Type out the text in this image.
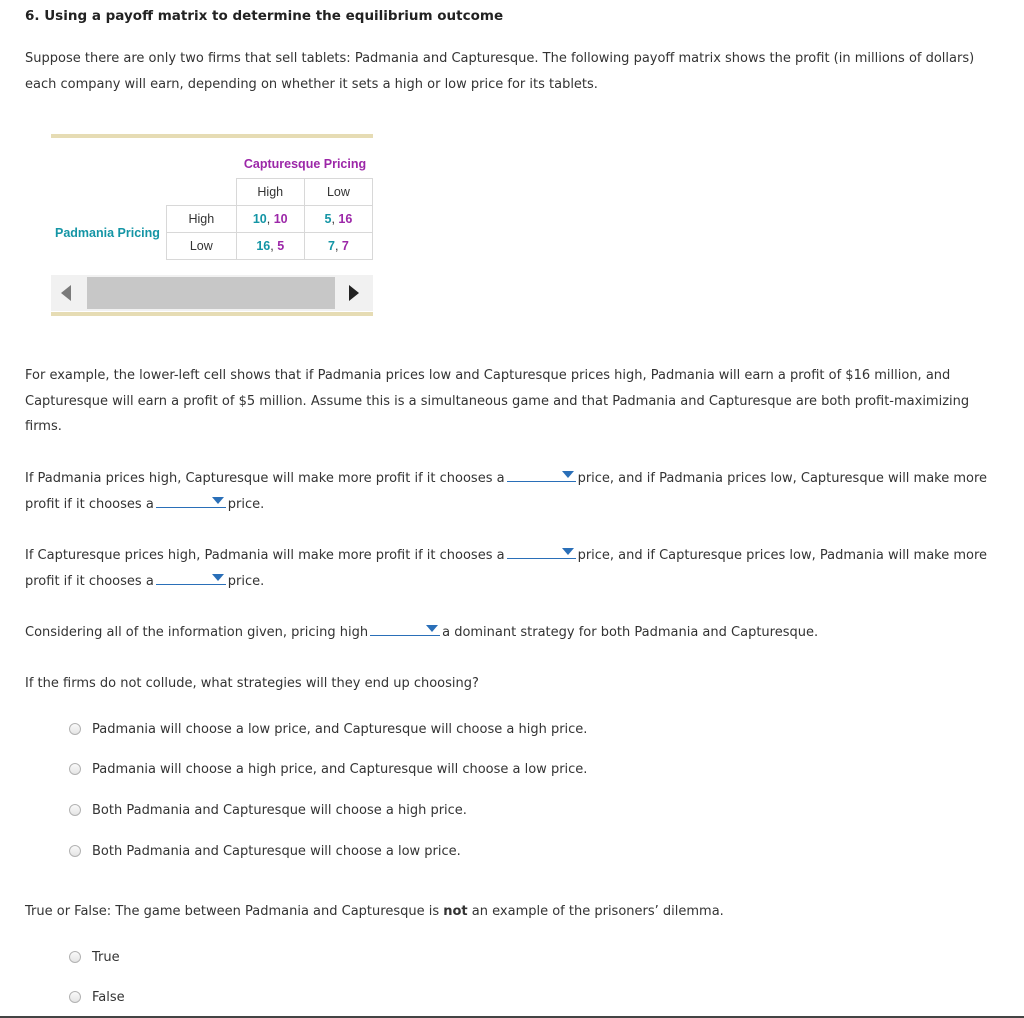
6. Using a payoff matrix to determine the equilibrium outcome
Suppose there are only two firms that sell tablets: Padmania and Capturesque. The following payoff matrix shows the profit (in millions of dollars)
each company will earn, depending on whether it sets a high or low price for its tablets.
Capturesque Pricing
Padmania Pricing
	High	Low
High	10, 10	5, 16
Low	16, 5	7, 7
For example, the lower-left cell shows that if Padmania prices low and Capturesque prices high, Padmania will earn a profit of $16 million, and
Capturesque will earn a profit of $5 million. Assume this is a simultaneous game and that Padmania and Capturesque are both profit-maximizing
firms.
If Padmania prices high, Capturesque will make more profit if it chooses a	price, and if Padmania prices low, Capturesque will make more
profit if it chooses a	price.
If Capturesque prices high, Padmania will make more profit if it chooses a	price, and if Capturesque prices low, Padmania will make more
profit if it chooses a	price.
Considering all of the information given, pricing high	a dominant strategy for both Padmania and Capturesque.
If the firms do not collude, what strategies will they end up choosing?
Padmania will choose a low price, and Capturesque will choose a high price.
Padmania will choose a high price, and Capturesque will choose a low price.
Both Padmania and Capturesque will choose a high price.
Both Padmania and Capturesque will choose a low price.
True or False: The game between Padmania and Capturesque is not an example of the prisoners’ dilemma.
True
False
